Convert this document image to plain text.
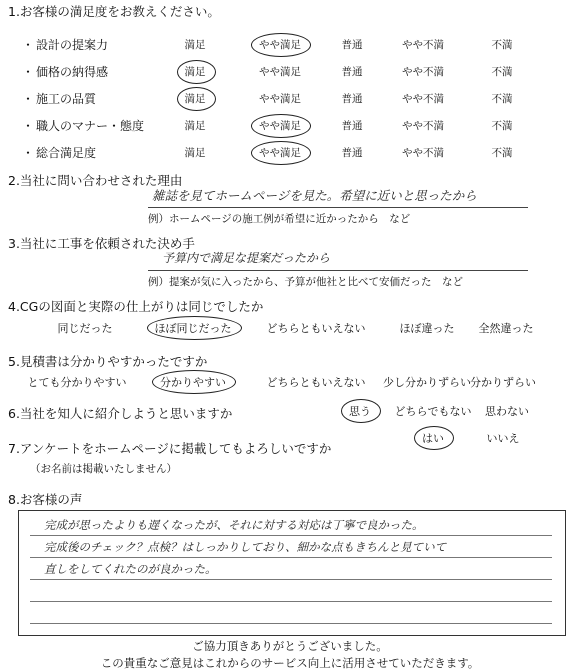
1.お客様の満足度をお教えください。
2.当社に問い合わせされた理由
雑誌を見てホームページを見た。希望に近いと思ったから
例）ホームページの施工例が希望に近かったから　など
3.当社に工事を依頼された決め手
予算内で満足な提案だったから
例）提案が気に入ったから、予算が他社と比べて安価だった　など
4.CGの図面と実際の仕上がりは同じでしたか
5.見積書は分かりやすかったですか
6.当社を知人に紹介しようと思いますか
7.アンケートをホームページに掲載してもよろしいですか
（お名前は掲載いたしません）
8.お客様の声
ご協力頂きありがとうございました。
この貴重なご意見はこれからのサービス向上に活用させていただきます。
・ 設計の提案力	満足	やや満足	普通	やや不満	不満
・ 価格の納得感	満足	やや満足	普通	やや不満	不満
・ 施工の品質	満足	やや満足	普通	やや不満	不満
・ 職人のマナー・態度	満足	やや満足	普通	やや不満	不満
・ 総合満足度	満足	やや満足	普通	やや不満	不満
同じだった	ほぼ同じだった	どちらともいえない	ほぼ違った 全然違った
とても分かりやすい	分かりやすい	どちらともいえない 少し分かりずらい 分かりずらい
思う どちらでもない 思わない
はい	いいえ
完成が思ったよりも遅くなったが、それに対する対応は丁寧で良かった。
完成後のチェック？点検？はしっかりしており、細かな点もきちんと見ていて
直しをしてくれたのが良かった。
